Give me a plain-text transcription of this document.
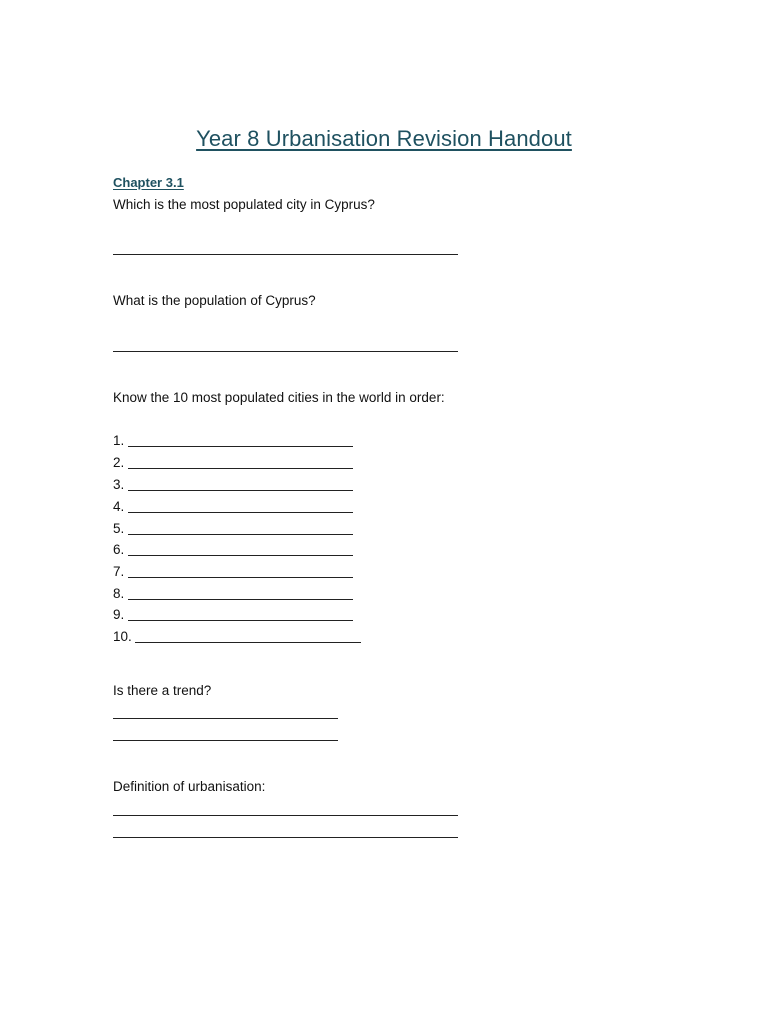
Year 8 Urbanisation Revision Handout
Chapter 3.1
Which is the most populated city in Cyprus?
What is the population of Cyprus?
Know the 10 most populated cities in the world in order:
1.
2.
3.
4.
5.
6.
7.
8.
9.
10.
Is there a trend?
Definition of urbanisation:
